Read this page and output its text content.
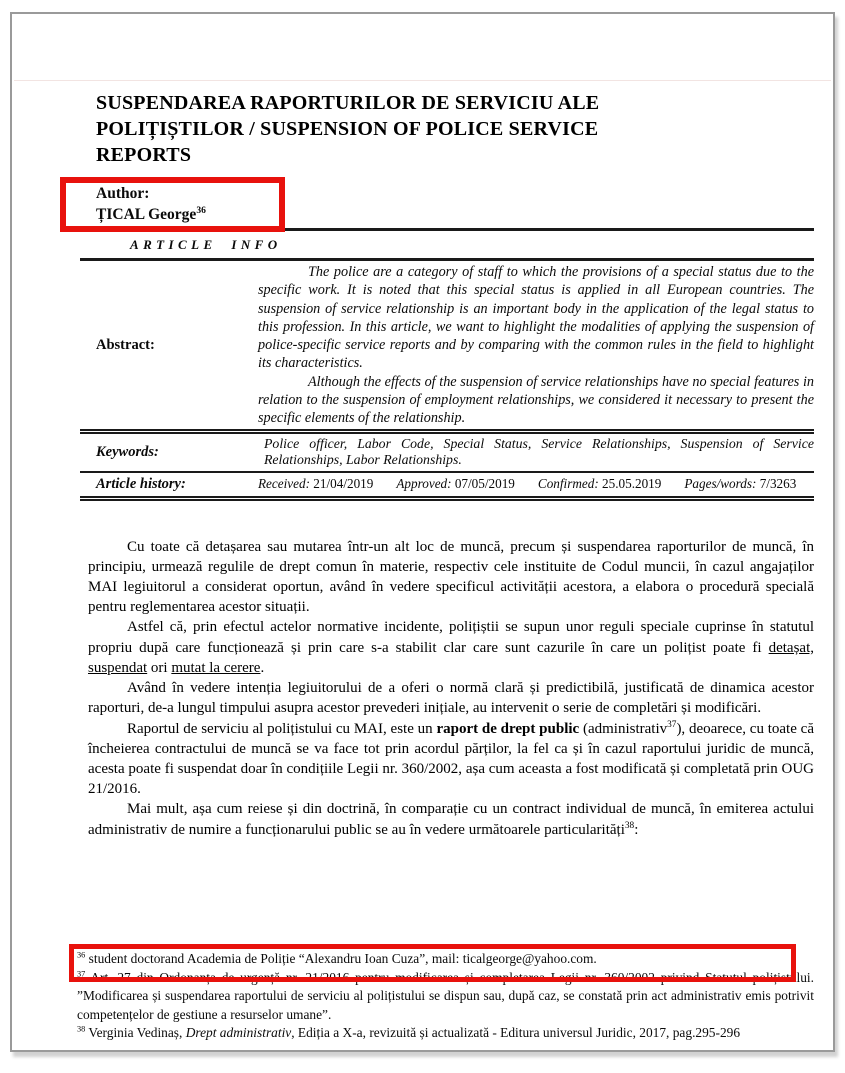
SUSPENDAREA RAPORTURILOR DE SERVICIU ALE
POLIȚIȘTILOR / SUSPENSION OF POLICE SERVICE
REPORTS
Author:
ȚICAL George$^{36}$
ARTICLE INFO
Abstract:

The police are a category of staff to which the provisions of a special status due to the specific work. It is noted that this special status is applied in all European countries. The suspension of service relationship is an important body in the application of the legal status to this profession. In this article, we want to highlight the modalities of applying the suspension of police-specific service reports and by comparing with the common rules in the field to highlight its characteristics.

Although the effects of the suspension of service relationships have no special features in relation to the suspension of employment relationships, we considered it necessary to present the specific elements of the relationship.

Keywords:
Police officer, Labor Code, Special Status, Service Relationships, Suspension of Service Relationships, Labor Relationships.
Article history:	Received: 21/04/2019 Approved: 07/05/2019 Confirmed: 25.05.2019 Pages/words: 7/3263

Cu toate că detașarea sau mutarea într-un alt loc de muncă, precum și suspendarea raporturilor de muncă, în principiu, urmează regulile de drept comun în materie, respectiv cele instituite de Codul muncii, în cazul angajaților MAI legiuitorul a considerat oportun, având în vedere specificul activității acestora, a elabora o procedură specială pentru reglementarea acestor situații.

Astfel că, prin efectul actelor normative incidente, polițiștii se supun unor reguli speciale cuprinse în statutul propriu după care funcționează și prin care s-a stabilit clar care sunt cazurile în care un polițist poate fi detașat, suspendat ori mutat la cerere.

Având în vedere intenția legiuitorului de a oferi o normă clară și predictibilă, justificată de dinamica acestor raporturi, de-a lungul timpului asupra acestor prevederi inițiale, au intervenit o serie de completări și modificări.

Raportul de serviciu al polițistului cu MAI, este un raport de drept public (administrativ$^{37}$), deoarece, cu toate că încheierea contractului de muncă se va face tot prin acordul părților, la fel ca și în cazul raportului juridic de muncă, acesta poate fi suspendat doar în condițiile Legii nr. 360/2002, așa cum aceasta a fost modificată și completată prin OUG 21/2016.

Mai mult, așa cum reiese și din doctrină, în comparație cu un contract individual de muncă, în emiterea actului administrativ de numire a funcționarului public se au în vedere următoarele particularități$^{38}$:

$^{36}$ student doctorand Academia de Poliție “Alexandru Ioan Cuza”, mail: ticalgeorge@yahoo.com.

$^{37}$ Art. 27 din Ordonanța de urgență nr. 21/2016 pentru modificarea și completarea Legii nr. 360/2002 privind Statutul polițistului. ”Modificarea și suspendarea raportului de serviciu al polițistului se dispun sau, după caz, se constată prin act administrativ emis potrivit competențelor de gestiune a resurselor umane”.

$^{38}$ Verginia Vedinaș, Drept administrativ, Ediția a X-a, revizuită și actualizată - Editura universul Juridic, 2017, pag.295-296
